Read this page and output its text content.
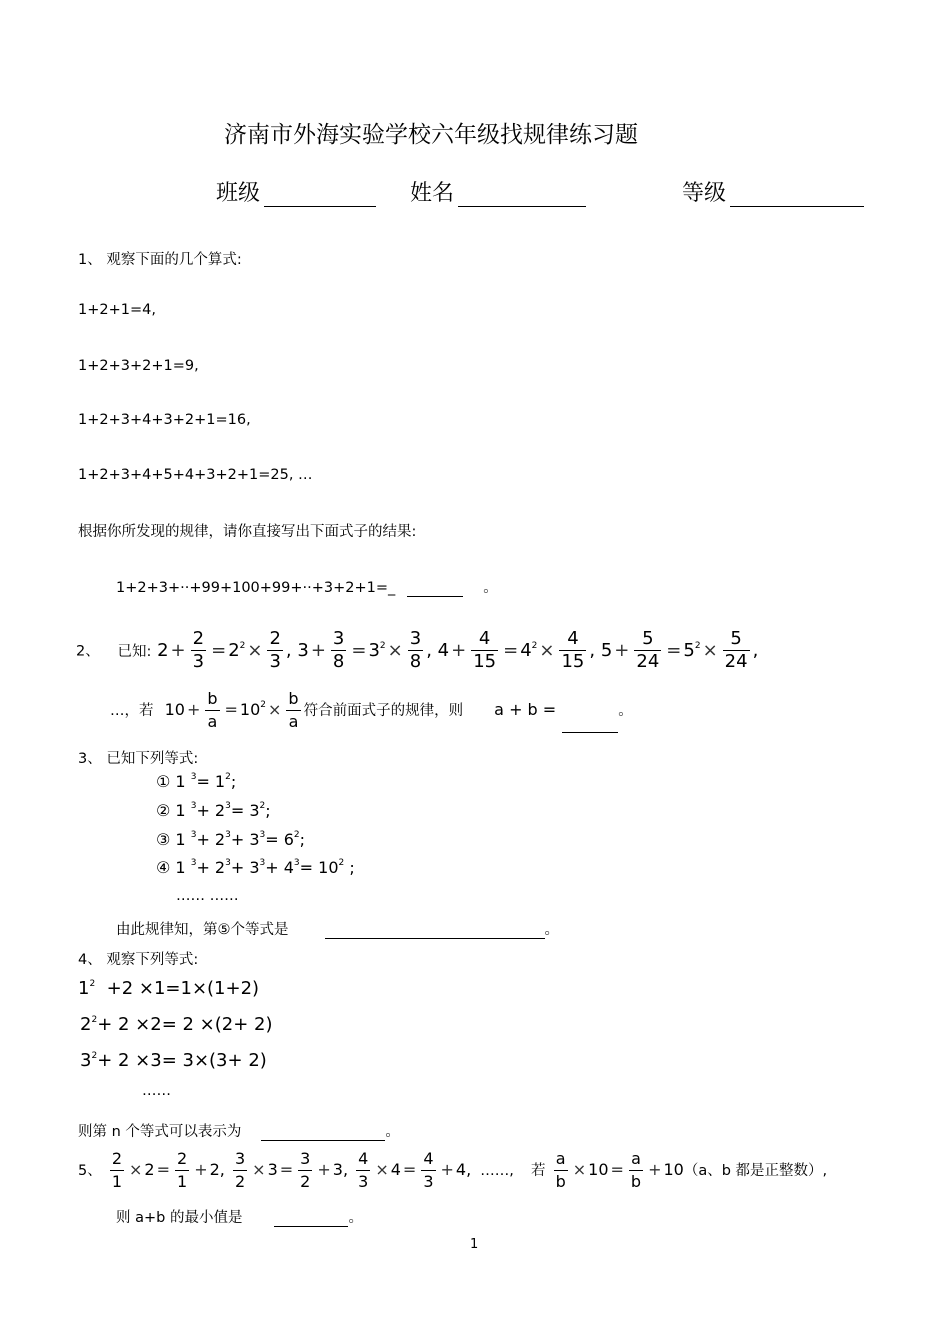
济南市外海实验学校六年级找规律练习题
班级	姓名	等级
1、 观察下面的几个算式:
1+2+1=4,
1+2+3+2+1=9,
1+2+3+4+3+2+1=16,
1+2+3+4+5+4+3+2+1=25, …
根据你所发现的规律，请你直接写出下面式子的结果:
1+2+3+··+99+100+99+··+3+2+1=_	。
2、 已知: $2 + \frac{2}{3} = 2^2 \times \frac{2}{3}$ , $3 + \frac{3}{8} = 3^2 \times \frac{3}{8}$ , $4 + \frac{4}{15} = 4^2 \times \frac{4}{15}$ , $5 + \frac{5}{24} = 5^2 \times \frac{5}{24}$ ,
…，若 $10 + \frac{b}{a} = 10^2 \times \frac{b}{a}$ 符合前面式子的规律，则 a + b =	。
3、 已知下列等式:
① 1 $^3= 1^2$;
② 1 $^3+ 2^3= 3^2$;
③ 1 $^3+ 2^3+ 3^3= 6^2$;
④ 1 $^3+ 2^3+ 3^3+ 4^3= 10^2$ ;
…… ……
由此规律知，第⑤个等式是	。
4、 观察下列等式:
$1^2 +2 \times 1=1\times(1+2)$
$2^2+ 2 \times 2= 2 \times(2+ 2)$
$3^2+ 2 \times 3= 3\times(3+ 2)$
……
则第 n 个等式可以表示为	。
5、 $\frac{2}{1} \times 2 = \frac{2}{1} + 2$, $\frac{3}{2} \times 3 = \frac{3}{2} + 3$, $\frac{4}{3} \times 4 = \frac{4}{3} + 4$, ……, 若 $\frac{a}{b} \times 10 = \frac{a}{b} + 10(a$、b 都是正整数）,
则 a+b 的最小值是	。
1
